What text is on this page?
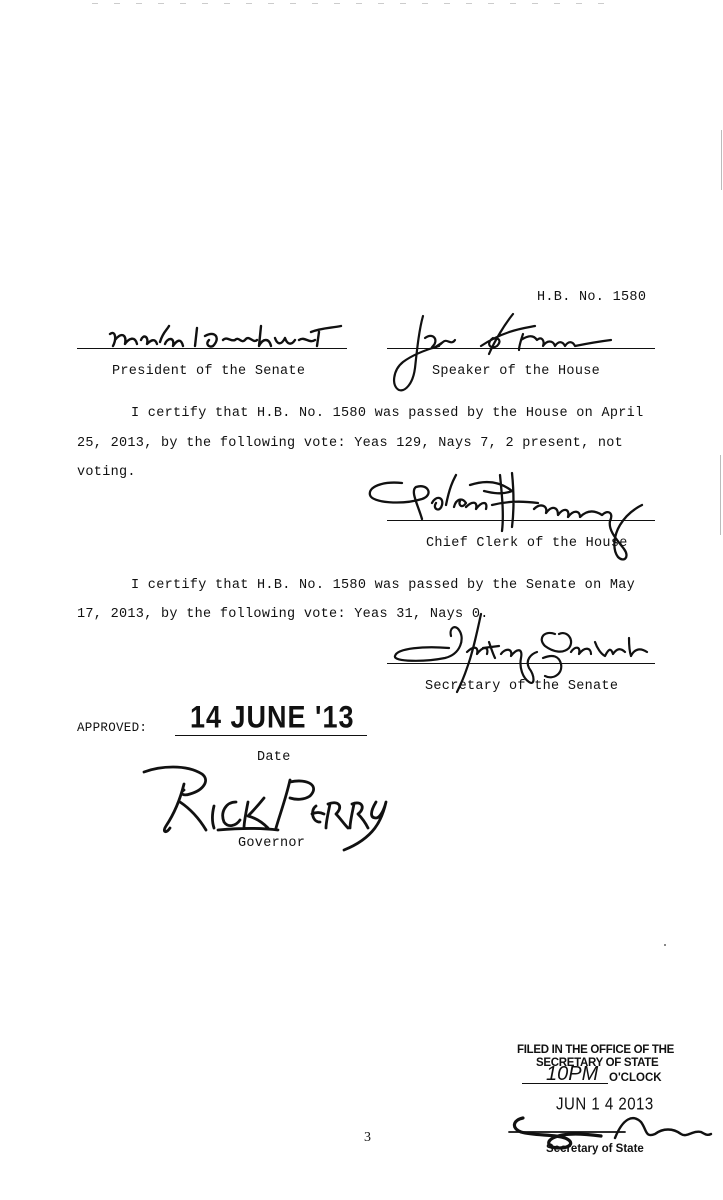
H.B. No. 1580
President of the Senate	Speaker of the House
I certify that H.B. No. 1580 was passed by the House on April
25, 2013, by the following vote: Yeas 129, Nays 7, 2 present, not
voting.
Chief Clerk of the House
I certify that H.B. No. 1580 was passed by the Senate on May
17, 2013, by the following vote: Yeas 31, Nays 0.
Secretary of the Senate
APPROVED: 14 JUNE '13
Date
Governor
FILED IN THE OFFICE OF THE
SECRETARY OF STATE
10PM O'CLOCK
JUN 1 4 2013
Secretary of State
3
